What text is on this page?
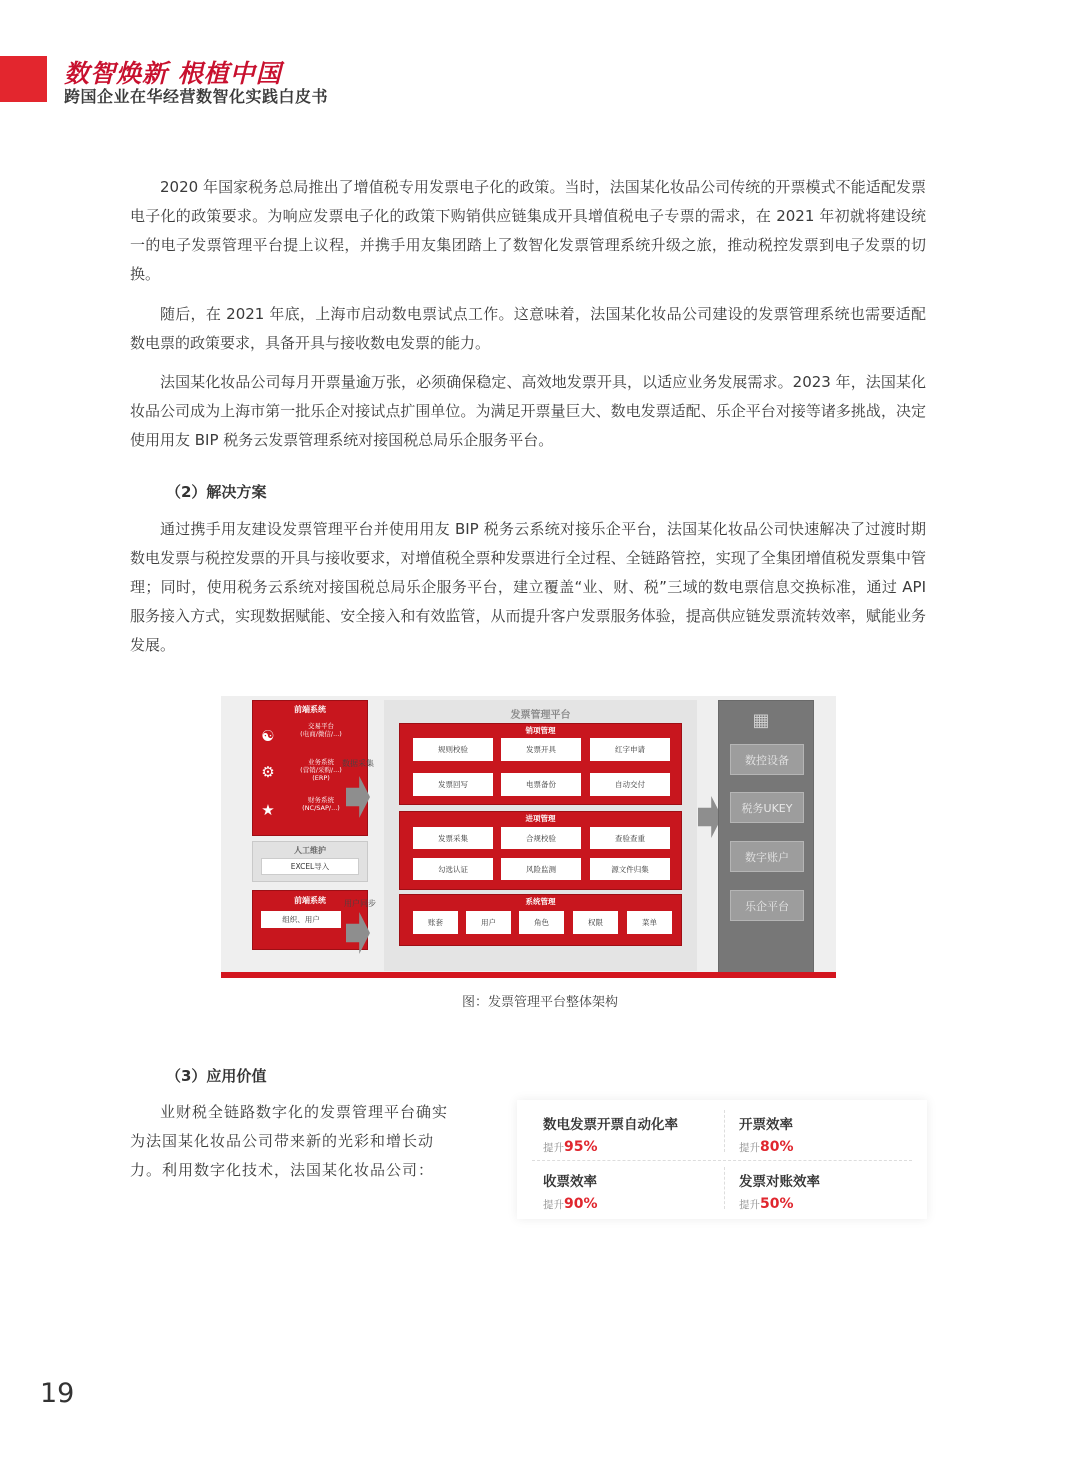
数智焕新 根植中国
跨国企业在华经营数智化实践白皮书

2020 年国家税务总局推出了增值税专用发票电子化的政策。当时，法国某化妆品公司传统的开票模式不能适配发票电子化的政策要求。为响应发票电子化的政策下购销供应链集成开具增值税电子专票的需求，在 2021 年初就将建设统一的电子发票管理平台提上议程，并携手用友集团踏上了数智化发票管理系统升级之旅，推动税控发票到电子发票的切换。

随后，在 2021 年底，上海市启动数电票试点工作。这意味着，法国某化妆品公司建设的发票管理系统也需要适配数电票的政策要求，具备开具与接收数电发票的能力。

法国某化妆品公司每月开票量逾万张，必须确保稳定、高效地发票开具，以适应业务发展需求。2023 年，法国某化妆品公司成为上海市第一批乐企对接试点扩围单位。为满足开票量巨大、数电发票适配、乐企平台对接等诸多挑战，决定使用用友 BIP 税务云发票管理系统对接国税总局乐企服务平台。

（2）解决方案

通过携手用友建设发票管理平台并使用用友 BIP 税务云系统对接乐企平台，法国某化妆品公司快速解决了过渡时期数电发票与税控发票的开具与接收要求，对增值税全票种发票进行全过程、全链路管控，实现了全集团增值税发票集中管理；同时，使用税务云系统对接国税总局乐企服务平台，建立覆盖“业、财、税”三域的数电票信息交换标准，通过 API 服务接入方式，实现数据赋能、安全接入和有效监管，从而提升客户发票服务体验，提高供应链发票流转效率，赋能业务发展。

前端系统
☯
交易平台
(电商/微信/...)
⚙
业务系统
(营销/采购/...)
(ERP)
★
财务系统
(NC/SAP/...)
人工维护
EXCEL导入
前端系统
组织、用户
数据采集
用户同步
发票管理平台
销项管理
规则校验	发票开具	红字申请
发票回写	电票备份	自动交付
进项管理
发票采集	合规校验	查验查重
勾选认证	风险监测	源文件归集
系统管理
账套	用户	角色	权限	菜单
▦
数控设备
税务UKEY
数字账户
乐企平台
图：发票管理平台整体架构
（3）应用价值
业财税全链路数字化的发票管理平台确实
为法国某化妆品公司带来新的光彩和增长动
力。利用数字化技术，法国某化妆品公司：
数电发票开票自动化率
提升95%
开票效率
提升80%
收票效率
提升90%
发票对账效率
提升50%
19
